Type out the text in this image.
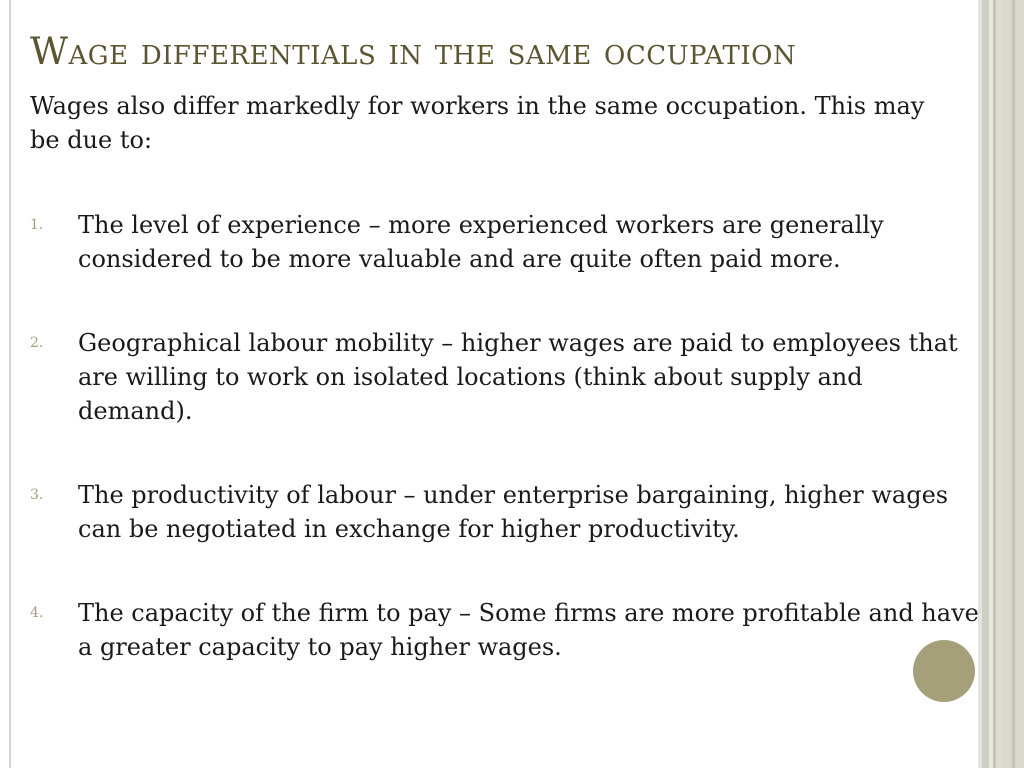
Wage differentials in the same occupation

Wages also differ markedly for workers in the same occupation. This may be due to:

1. The level of experience – more experienced workers are generally considered to be more valuable and are quite often paid more.
2. Geographical labour mobility – higher wages are paid to employees that are willing to work on isolated locations (think about supply and demand).
3. The productivity of labour – under enterprise bargaining, higher wages can be negotiated in exchange for higher productivity.
4. The capacity of the firm to pay – Some firms are more profitable and have a greater capacity to pay higher wages.
